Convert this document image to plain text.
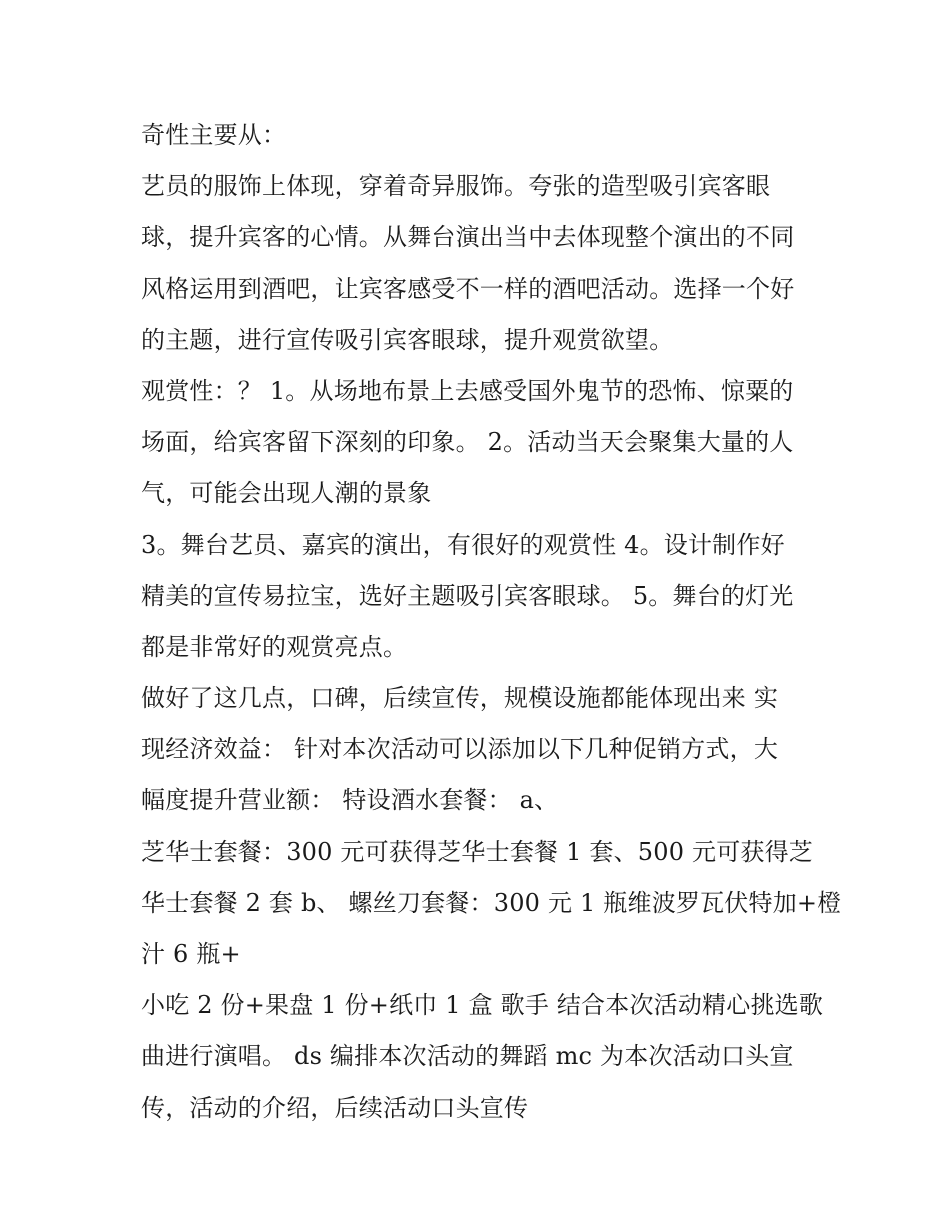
奇性主要从：
艺员的服饰上体现，穿着奇异服饰。夸张的造型吸引宾客眼
球，提升宾客的心情。从舞台演出当中去体现整个演出的不同
风格运用到酒吧，让宾客感受不一样的酒吧活动。选择一个好
的主题，进行宣传吸引宾客眼球，提升观赏欲望。
观赏性：？ 1。从场地布景上去感受国外鬼节的恐怖、惊粟的
场面，给宾客留下深刻的印象。 2。活动当天会聚集大量的人
气，可能会出现人潮的景象
3。舞台艺员、嘉宾的演出，有很好的观赏性 4。设计制作好
精美的宣传易拉宝，选好主题吸引宾客眼球。 5。舞台的灯光
都是非常好的观赏亮点。
做好了这几点，口碑，后续宣传，规模设施都能体现出来 实
现经济效益： 针对本次活动可以添加以下几种促销方式，大
幅度提升营业额： 特设酒水套餐： a、
芝华士套餐：300 元可获得芝华士套餐 1 套、500 元可获得芝
华士套餐 2 套 b、 螺丝刀套餐：300 元 1 瓶维波罗瓦伏特加+橙
汁 6 瓶+
小吃 2 份+果盘 1 份+纸巾 1 盒 歌手 结合本次活动精心挑选歌
曲进行演唱。 ds 编排本次活动的舞蹈 mc 为本次活动口头宣
传，活动的介绍，后续活动口头宣传
